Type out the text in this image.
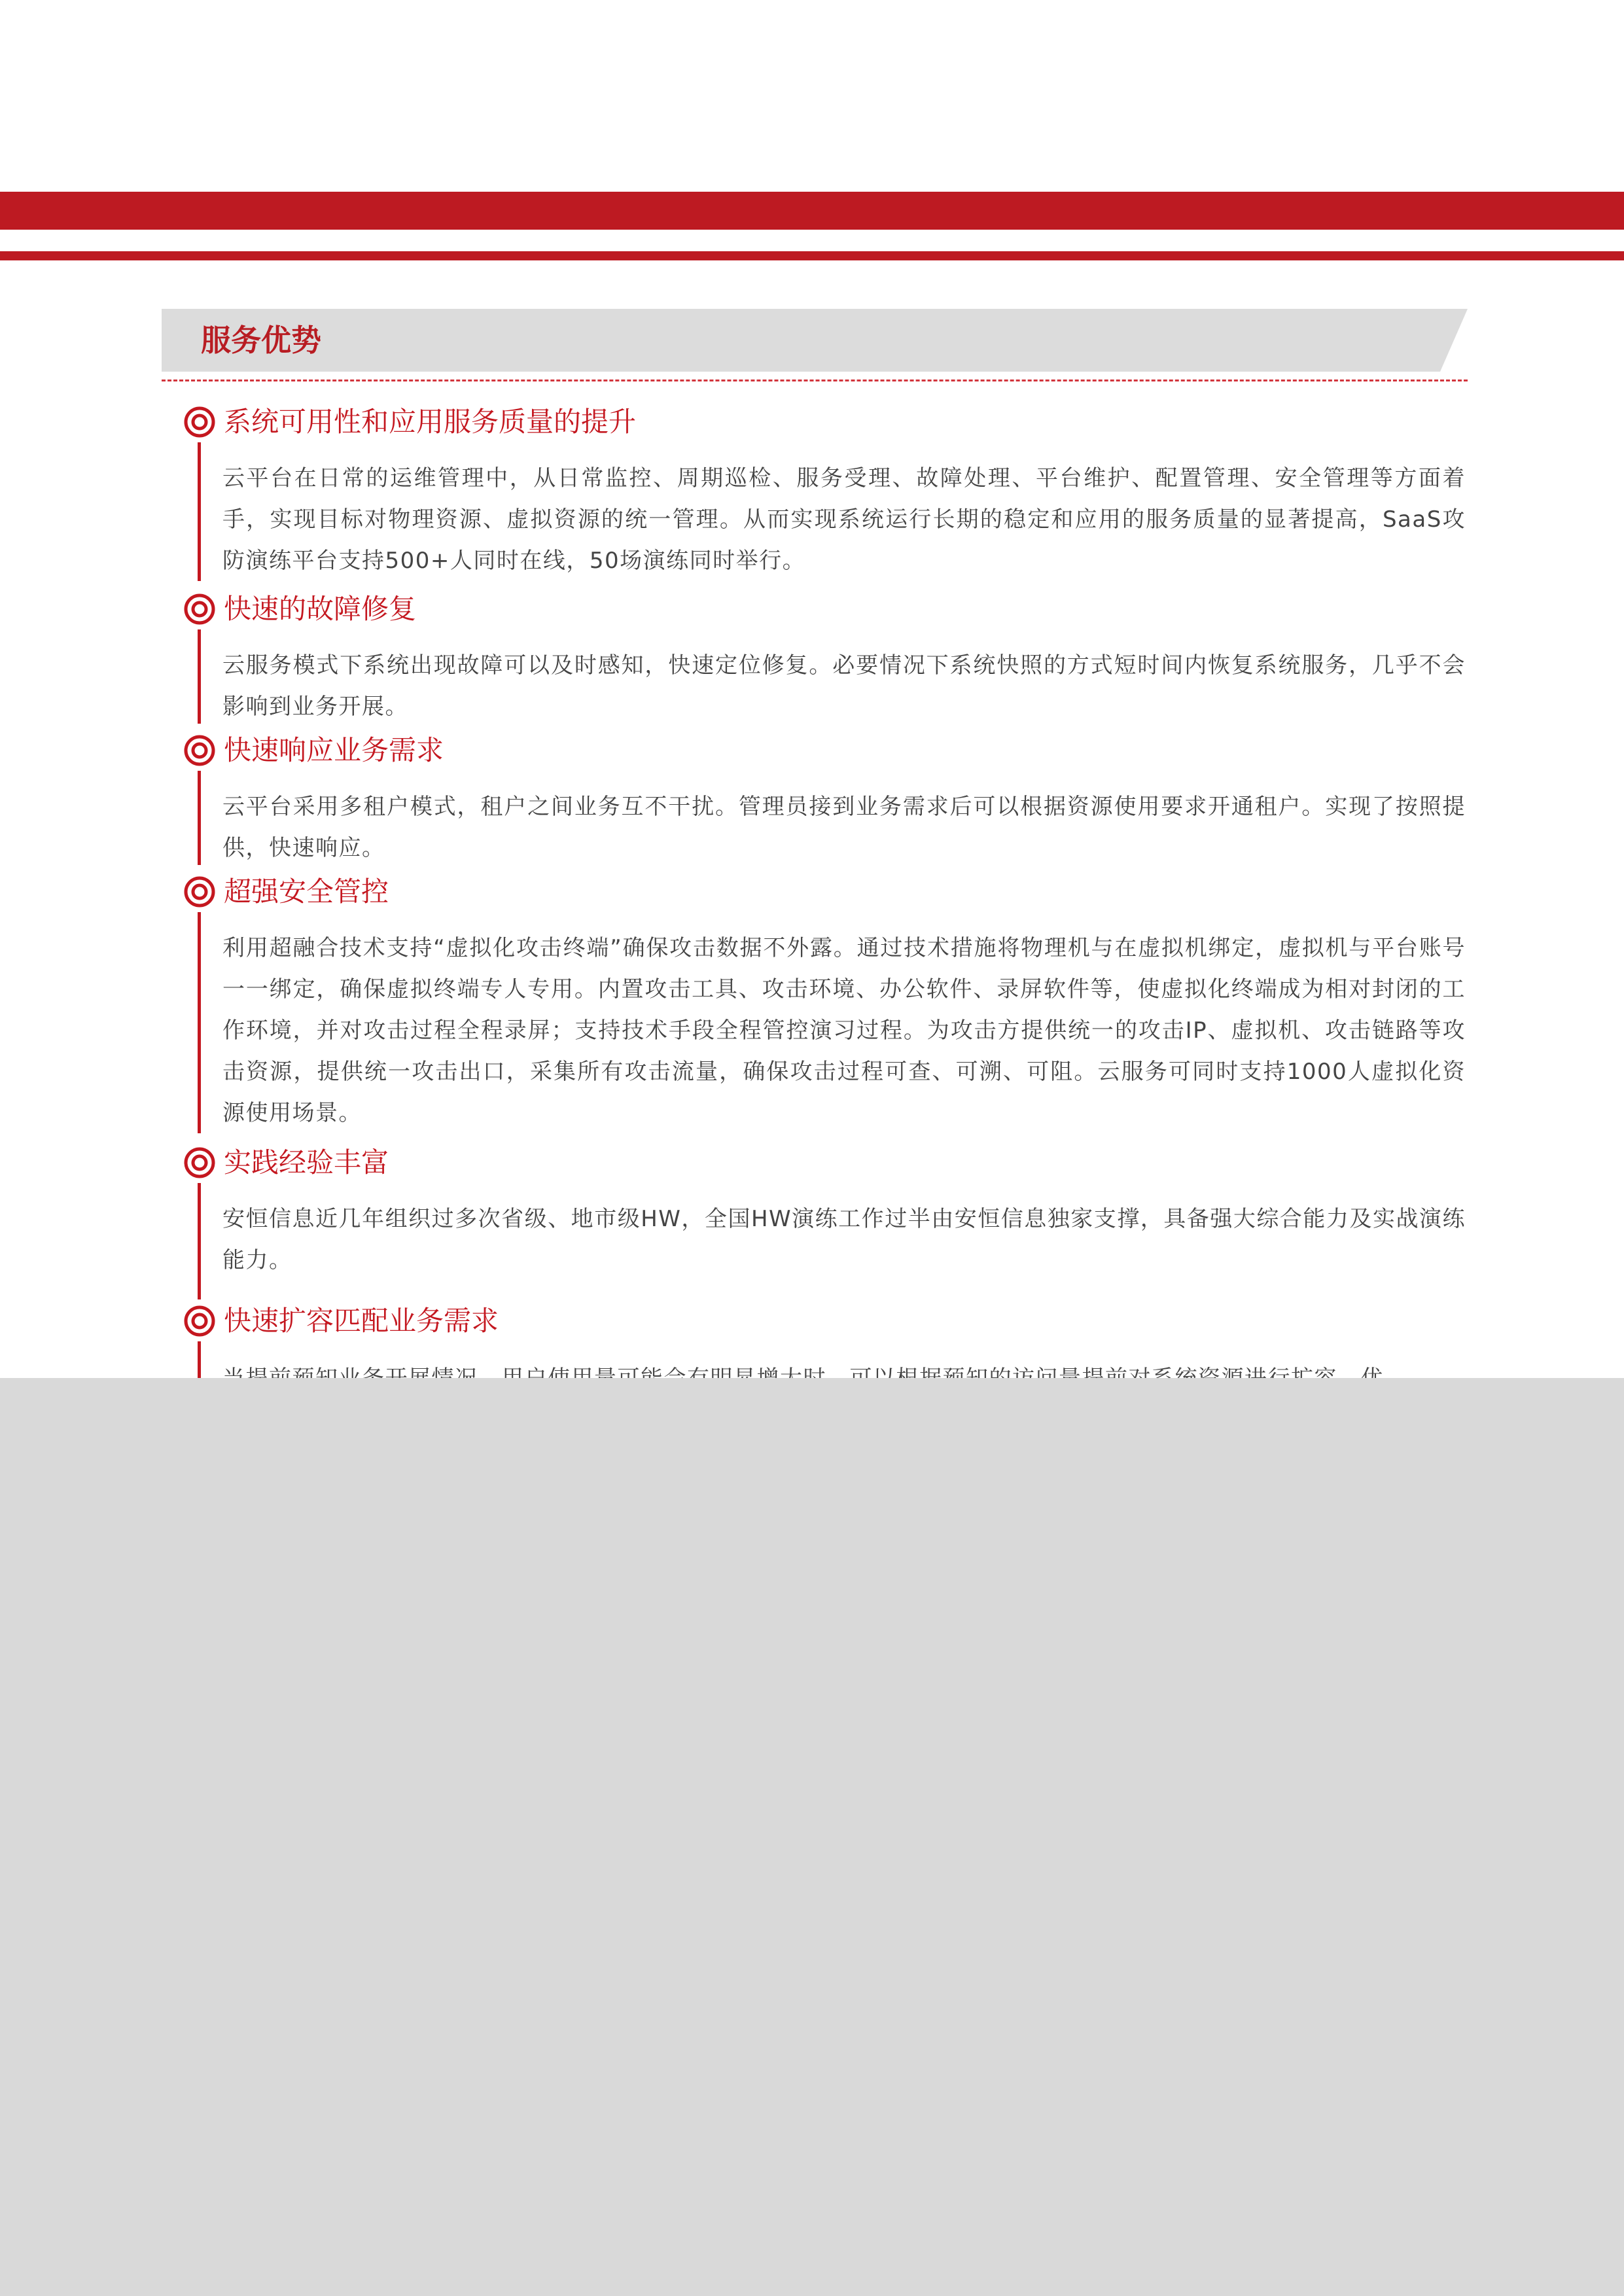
服务优势
系统可用性和应用服务质量的提升

云平台在日常的运维管理中，从日常监控、周期巡检、服务受理、故障处理、平台维护、配置管理、安全管理等方面着手，实现目标对物理资源、虚拟资源的统一管理。从而实现系统运行长期的稳定和应用的服务质量的显著提高，SaaS攻防演练平台支持500+人同时在线，50场演练同时举行。

快速的故障修复

云服务模式下系统出现故障可以及时感知，快速定位修复。必要情况下系统快照的方式短时间内恢复系统服务，几乎不会影响到业务开展。

快速响应业务需求

云平台采用多租户模式，租户之间业务互不干扰。管理员接到业务需求后可以根据资源使用要求开通租户。实现了按照提供，快速响应。

超强安全管控

利用超融合技术支持“虚拟化攻击终端”确保攻击数据不外露。通过技术措施将物理机与在虚拟机绑定，虚拟机与平台账号一一绑定，确保虚拟终端专人专用。内置攻击工具、攻击环境、办公软件、录屏软件等，使虚拟化终端成为相对封闭的工作环境，并对攻击过程全程录屏；支持技术手段全程管控演习过程。为攻击方提供统一的攻击IP、虚拟机、攻击链路等攻击资源，提供统一攻击出口，采集所有攻击流量，确保攻击过程可查、可溯、可阻。云服务可同时支持1000人虚拟化资源使用场景。

实践经验丰富

安恒信息近几年组织过多次省级、地市级HW，全国HW演练工作过半由安恒信息独家支撑，具备强大综合能力及实战演练能力。

快速扩容匹配业务需求
